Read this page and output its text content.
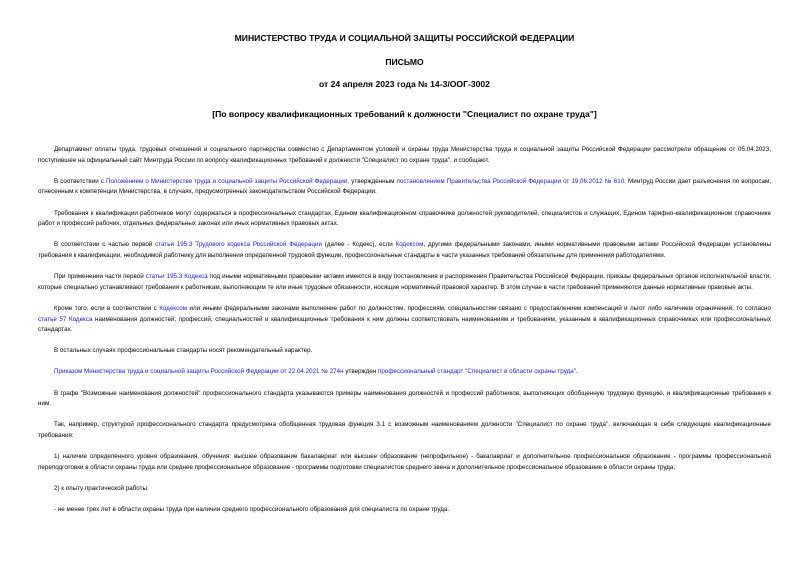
МИНИСТЕРСТВО ТРУДА И СОЦИАЛЬНОЙ ЗАЩИТЫ РОССИЙСКОЙ ФЕДЕРАЦИИ
ПИСЬМО
от 24 апреля 2023 года № 14-3/ООГ-3002
[По вопросу квалификационных требований к должности "Специалист по охране труда"]

Департамент оплаты труда, трудовых отношений и социального партнерства совместно с Департаментом условий и охраны труда Министерства труда и социальной защиты Российской Федерации рассмотрели обращение от 05.04.2023, поступившее на официальный сайт Минтруда России по вопросу квалификационных требований к должности "Специалист по охране труда", и сообщают.

В соответствии с Положением о Министерстве труда и социальной защиты Российской Федерации, утвержденным постановлением Правительства Российской Федерации от 19.06.2012 № 610, Минтруд России дает разъяснения по вопросам, отнесенным к компетенции Министерства, в случаях, предусмотренных законодательством Российской Федерации.

Требования к квалификации работников могут содержаться в профессиональных стандартах, Едином квалификационном справочнике должностей руководителей, специалистов и служащих, Едином тарифно-квалификационном справочнике работ и профессий рабочих, отдельных федеральных законах или иных нормативных правовых актах.

В соответствии с частью первой статьи 195.3 Трудового кодекса Российской Федерации (далее - Кодекс), если Кодексом, другими федеральными законами, иными нормативными правовыми актами Российской Федерации установлены требования к квалификации, необходимой работнику для выполнения определенной трудовой функции, профессиональные стандарты в части указанных требований обязательны для применения работодателями.

При применении части первой статьи 195.3 Кодекса под иными нормативными правовыми актами имеются в виду постановления и распоряжения Правительства Российской Федерации, приказы федеральных органов исполнительной власти, которые специально устанавливают требования к работникам, выполняющим те или иные трудовые обязанности, носящие нормативный правовой характер. В этом случае в части требований применяются данные нормативные правовые акты.

Кроме того, если в соответствии с Кодексом или иными федеральными законами выполнение работ по должностям, профессиям, специальностям связано с предоставлением компенсаций и льгот либо наличием ограничений, то согласно статье 57 Кодекса наименования должностей, профессий, специальностей и квалификационные требования к ним должны соответствовать наименованиям и требованиям, указанным в квалификационных справочниках или профессиональных стандартах.

В остальных случаях профессиональные стандарты носят рекомендательный характер.

Приказом Министерства труда и социальной защиты Российской Федерации от 22.04.2021 № 274н утвержден профессиональный стандарт "Специалист в области охраны труда".

В графе "Возможные наименования должностей" профессионального стандарта указываются примеры наименования должностей и профессий работников, выполняющих обобщенную трудовую функцию, и квалификационные требования к ним.

Так, например, структурой профессионального стандарта предусмотрена обобщенная трудовая функция 3.1 с возможным наименованием должности "Специалист по охране труда", включающая в себя следующие квалификационные требования:

1) наличие определенного уровня образования, обучения: высшее образование бакалавриат или высшее образование (непрофильное) - бакалавриат и дополнительное профессиональное образование - программы профессиональной переподготовки в области охраны труда или среднее профессиональное образование - программы подготовки специалистов среднего звена и дополнительное профессиональное образование в области охраны труда;

2) к опыту практической работы:

- не менее трех лет в области охраны труда при наличии среднего профессионального образования для специалиста по охране труда.
